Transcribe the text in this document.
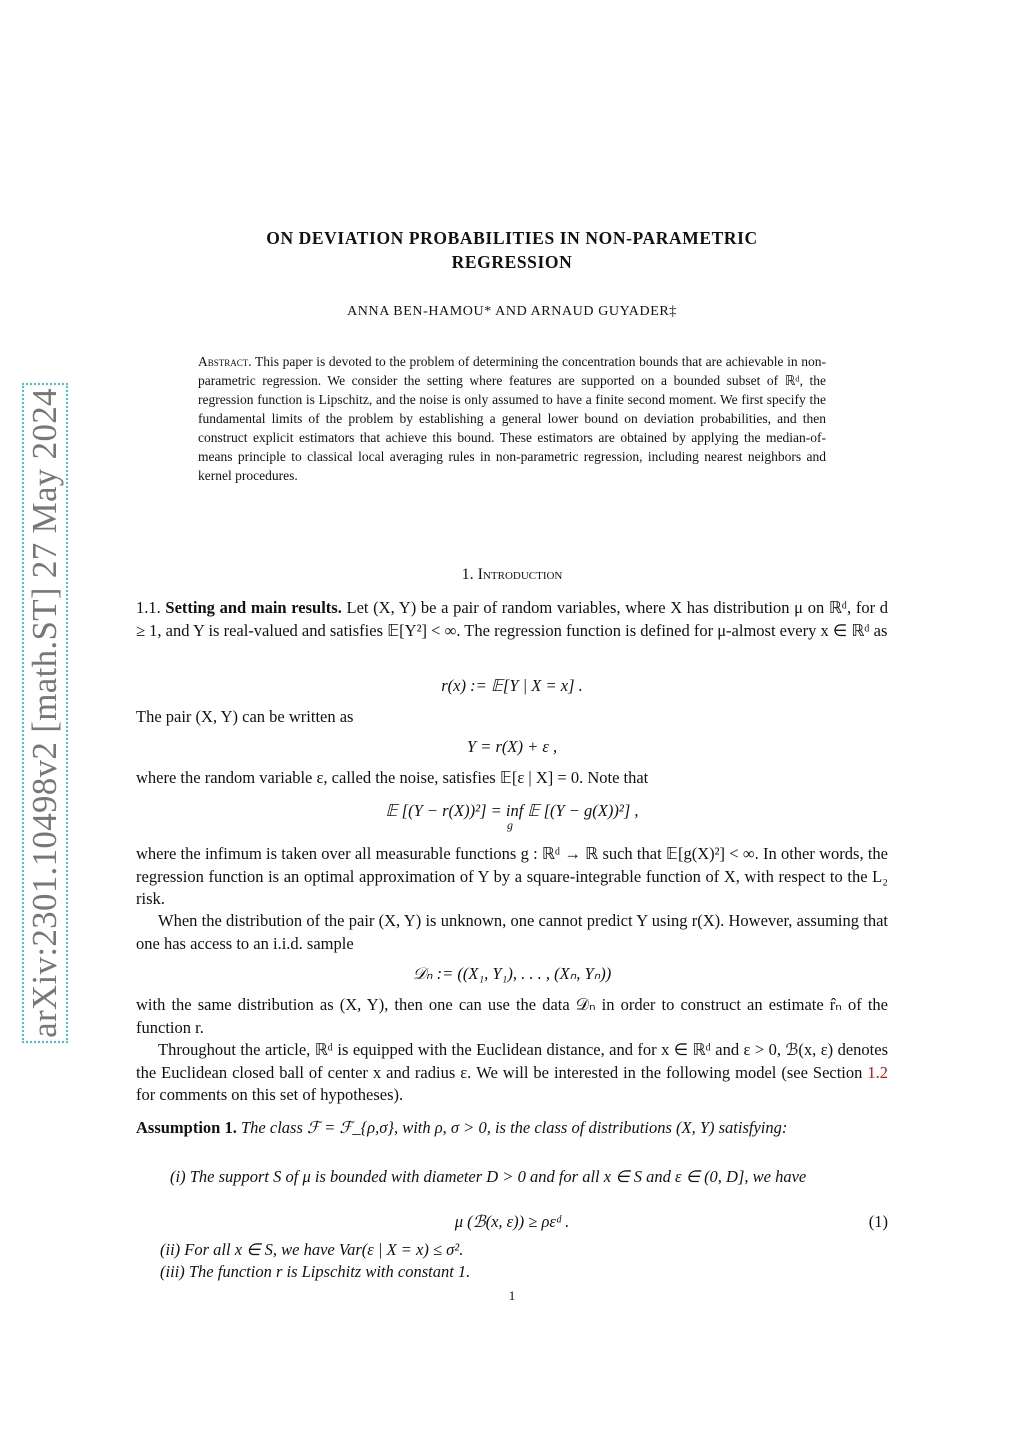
arXiv:2301.10498v2 [math.ST] 27 May 2024
ON DEVIATION PROBABILITIES IN NON-PARAMETRIC
REGRESSION
ANNA BEN-HAMOU* AND ARNAUD GUYADER‡
Abstract. This paper is devoted to the problem of determining the concentration bounds that are achievable in non-parametric regression. We consider the setting where features are supported on a bounded subset of ℝᵈ, the regression function is Lipschitz, and the noise is only assumed to have a finite second moment. We first specify the fundamental limits of the problem by establishing a general lower bound on deviation probabilities, and then construct explicit estimators that achieve this bound. These estimators are obtained by applying the median-of-means principle to classical local averaging rules in non-parametric regression, including nearest neighbors and kernel procedures.
1. Introduction
1.1. Setting and main results. Let (X, Y) be a pair of random variables, where X has distribution μ on ℝᵈ, for d ≥ 1, and Y is real-valued and satisfies 𝔼[Y²] < ∞. The regression function is defined for μ-almost every x ∈ ℝᵈ as
r(x) := 𝔼[Y | X = x] .
The pair (X, Y) can be written as
Y = r(X) + ε ,
where the random variable ε, called the noise, satisfies 𝔼[ε | X] = 0. Note that
𝔼 [(Y − r(X))²] = inf 𝔼 [(Y − g(X))²] ,
g
where the infimum is taken over all measurable functions g : ℝᵈ → ℝ such that 𝔼[g(X)²] < ∞. In other words, the regression function is an optimal approximation of Y by a square-integrable function of X, with respect to the L₂ risk.
When the distribution of the pair (X, Y) is unknown, one cannot predict Y using r(X). However, assuming that one has access to an i.i.d. sample
𝒟ₙ := ((X₁, Y₁), . . . , (Xₙ, Yₙ))
with the same distribution as (X, Y), then one can use the data 𝒟ₙ in order to construct an estimate r̂ₙ of the function r.
Throughout the article, ℝᵈ is equipped with the Euclidean distance, and for x ∈ ℝᵈ and ε > 0, ℬ(x, ε) denotes the Euclidean closed ball of center x and radius ε. We will be interested in the following model (see Section 1.2 for comments on this set of hypotheses).
Assumption 1. The class ℱ = ℱ_{ρ,σ}, with ρ, σ > 0, is the class of distributions (X, Y) satisfying:
(i) The support S of μ is bounded with diameter D > 0 and for all x ∈ S and ε ∈ (0, D], we have
μ (ℬ(x, ε)) ≥ ρεᵈ .	(1)
(ii) For all x ∈ S, we have Var(ε | X = x) ≤ σ².
(iii) The function r is Lipschitz with constant 1.
1
